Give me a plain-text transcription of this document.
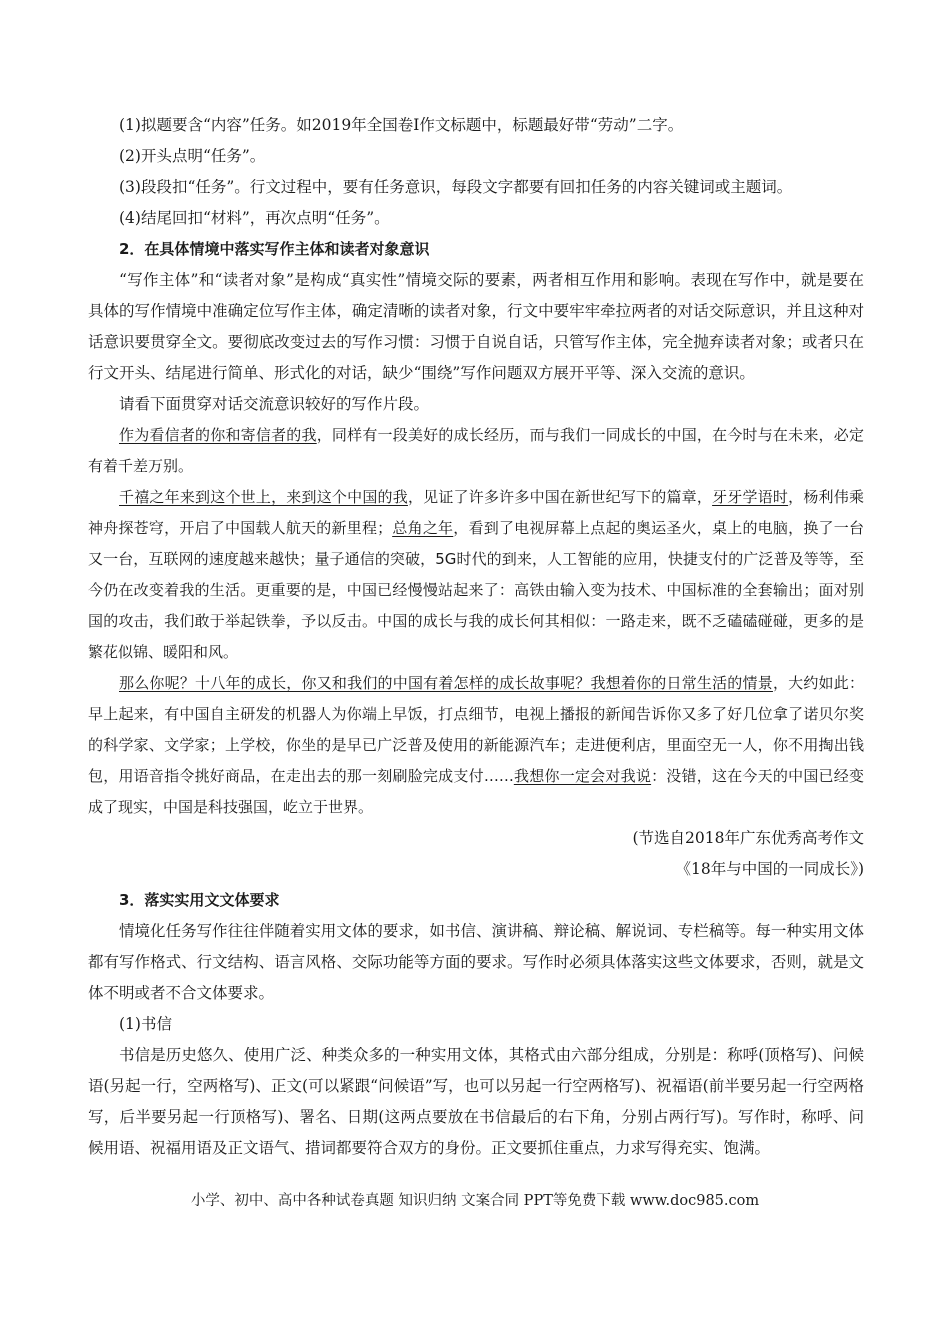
(1)拟题要含“内容”任务。如2019年全国卷Ⅰ作文标题中，标题最好带“劳动”二字。

(2)开头点明“任务”。

(3)段段扣“任务”。行文过程中，要有任务意识，每段文字都要有回扣任务的内容关键词或主题词。

(4)结尾回扣“材料”，再次点明“任务”。

2．在具体情境中落实写作主体和读者对象意识

“写作主体”和“读者对象”是构成“真实性”情境交际的要素，两者相互作用和影响。表现在写作中，就是要在具体的写作情境中准确定位写作主体，确定清晰的读者对象，行文中要牢牢牵拉两者的对话交际意识，并且这种对话意识要贯穿全文。要彻底改变过去的写作习惯：习惯于自说自话，只管写作主体，完全抛弃读者对象；或者只在行文开头、结尾进行简单、形式化的对话，缺少“围绕”写作问题双方展开平等、深入交流的意识。

请看下面贯穿对话交流意识较好的写作片段。

作为看信者的你和寄信者的我，同样有一段美好的成长经历，而与我们一同成长的中国，在今时与在未来，必定有着千差万别。

千禧之年来到这个世上，来到这个中国的我，见证了许多许多中国在新世纪写下的篇章，牙牙学语时，杨利伟乘神舟探苍穹，开启了中国载人航天的新里程；总角之年，看到了电视屏幕上点起的奥运圣火，桌上的电脑，换了一台又一台，互联网的速度越来越快；量子通信的突破，5G时代的到来，人工智能的应用，快捷支付的广泛普及等等，至今仍在改变着我的生活。更重要的是，中国已经慢慢站起来了：高铁由输入变为技术、中国标准的全套输出；面对别国的攻击，我们敢于举起铁拳，予以反击。中国的成长与我的成长何其相似：一路走来，既不乏磕磕碰碰，更多的是繁花似锦、暖阳和风。

那么你呢？十八年的成长，你又和我们的中国有着怎样的成长故事呢？我想着你的日常生活的情景，大约如此：早上起来，有中国自主研发的机器人为你端上早饭，打点细节，电视上播报的新闻告诉你又多了好几位拿了诺贝尔奖的科学家、文学家；上学校，你坐的是早已广泛普及使用的新能源汽车；走进便利店，里面空无一人，你不用掏出钱包，用语音指令挑好商品，在走出去的那一刻刷脸完成支付……我想你一定会对我说：没错，这在今天的中国已经变成了现实，中国是科技强国，屹立于世界。

(节选自2018年广东优秀高考作文

《18年与中国的一同成长》)

3．落实实用文文体要求

情境化任务写作往往伴随着实用文体的要求，如书信、演讲稿、辩论稿、解说词、专栏稿等。每一种实用文体都有写作格式、行文结构、语言风格、交际功能等方面的要求。写作时必须具体落实这些文体要求，否则，就是文体不明或者不合文体要求。

(1)书信

书信是历史悠久、使用广泛、种类众多的一种实用文体，其格式由六部分组成，分别是：称呼(顶格写)、问候语(另起一行，空两格写)、正文(可以紧跟“问候语”写，也可以另起一行空两格写)、祝福语(前半要另起一行空两格写，后半要另起一行顶格写)、署名、日期(这两点要放在书信最后的右下角，分别占两行写)。写作时，称呼、问候用语、祝福用语及正文语气、措词都要符合双方的身份。正文要抓住重点，力求写得充实、饱满。

小学、初中、高中各种试卷真题 知识归纳 文案合同 PPT等免费下载 www.doc985.com
